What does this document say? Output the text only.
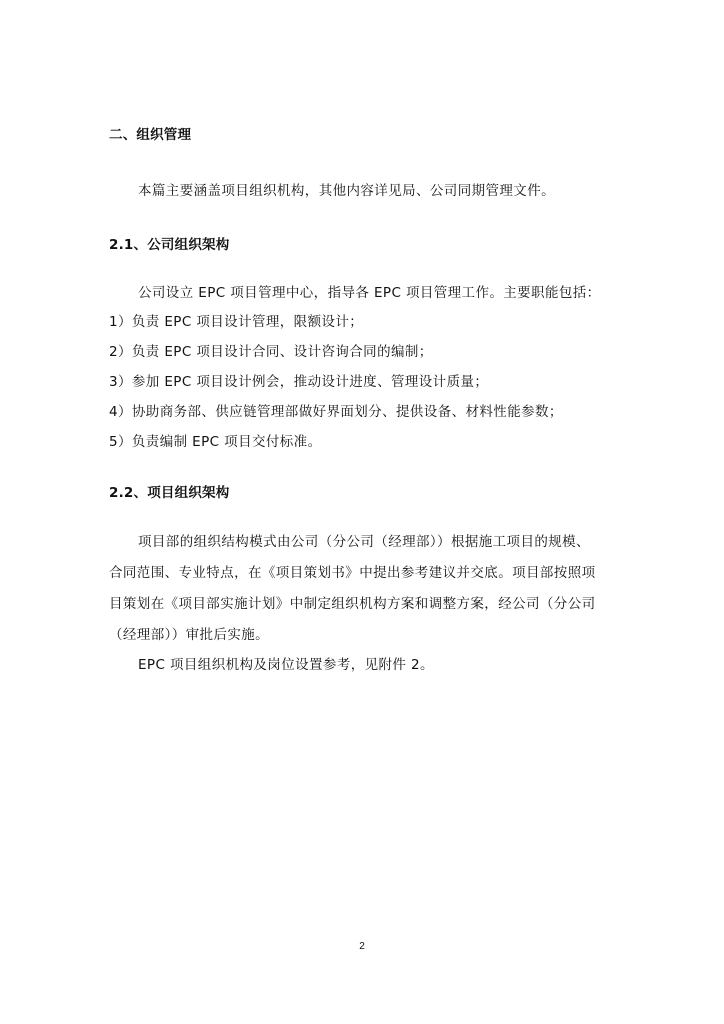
二、组织管理
本篇主要涵盖项目组织机构，其他内容详见局、公司同期管理文件。
2.1、公司组织架构
公司设立 EPC 项目管理中心，指导各 EPC 项目管理工作。主要职能包括：
1）负责 EPC 项目设计管理，限额设计；
2）负责 EPC 项目设计合同、设计咨询合同的编制；
3）参加 EPC 项目设计例会，推动设计进度、管理设计质量；
4）协助商务部、供应链管理部做好界面划分、提供设备、材料性能参数；
5）负责编制 EPC 项目交付标准。
2.2、项目组织架构
项目部的组织结构模式由公司（分公司（经理部））根据施工项目的规模、
合同范围、专业特点，在《项目策划书》中提出参考建议并交底。项目部按照项
目策划在《项目部实施计划》中制定组织机构方案和调整方案，经公司（分公司
（经理部））审批后实施。
EPC 项目组织机构及岗位设置参考，见附件 2。
2
